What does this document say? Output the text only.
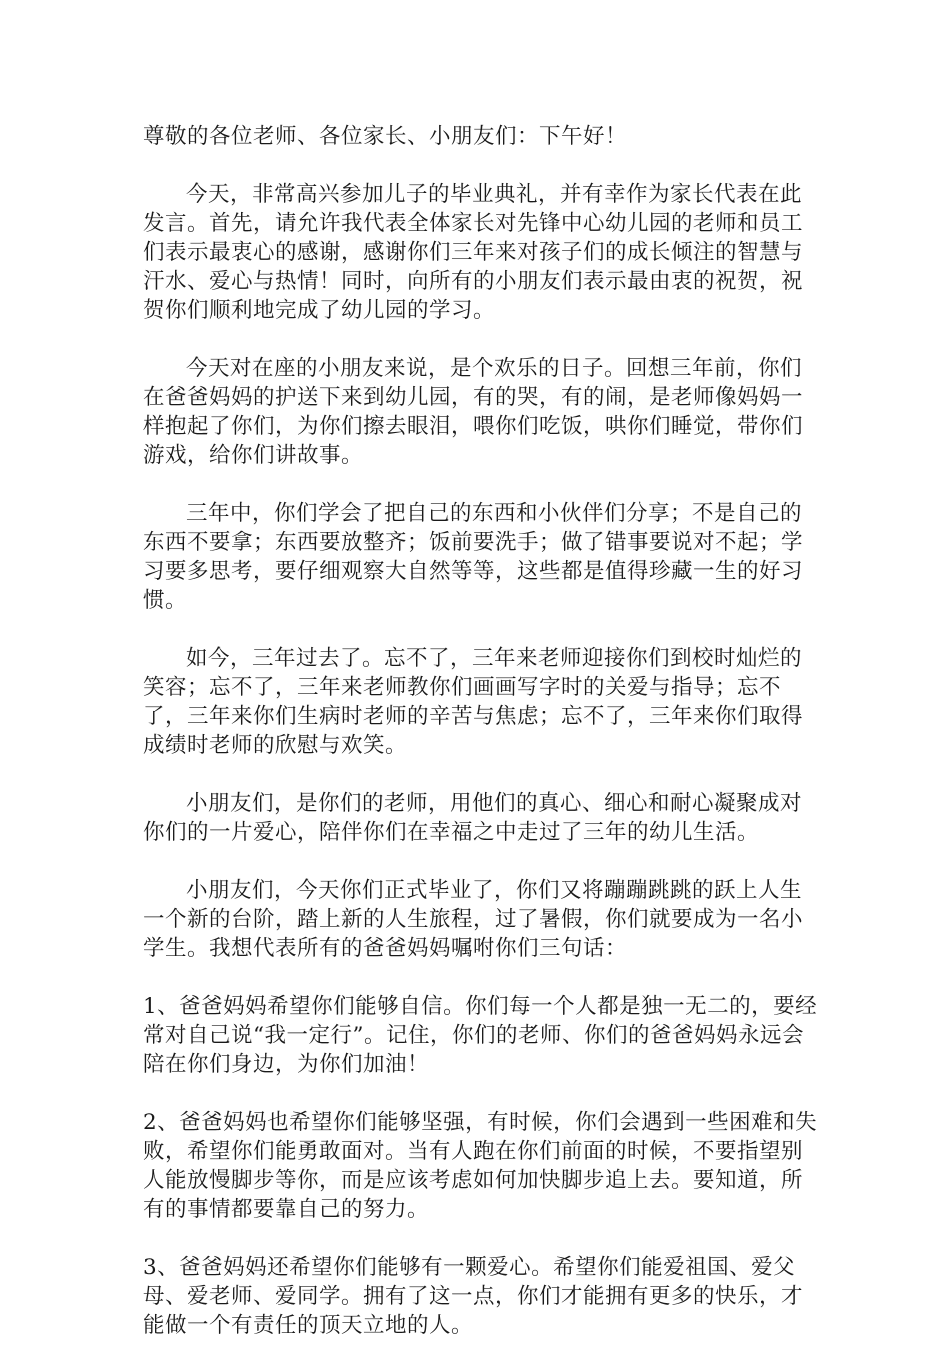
尊敬的各位老师、各位家长、小朋友们：下午好！

今天，非常高兴参加儿子的毕业典礼，并有幸作为家长代表在此发言。首先，请允许我代表全体家长对先锋中心幼儿园的老师和员工们表示最衷心的感谢，感谢你们三年来对孩子们的成长倾注的智慧与汗水、爱心与热情！同时，向所有的小朋友们表示最由衷的祝贺，祝贺你们顺利地完成了幼儿园的学习。

今天对在座的小朋友来说，是个欢乐的日子。回想三年前，你们在爸爸妈妈的护送下来到幼儿园，有的哭，有的闹，是老师像妈妈一样抱起了你们，为你们擦去眼泪，喂你们吃饭，哄你们睡觉，带你们游戏，给你们讲故事。

三年中，你们学会了把自己的东西和小伙伴们分享；不是自己的东西不要拿；东西要放整齐；饭前要洗手；做了错事要说对不起；学习要多思考，要仔细观察大自然等等，这些都是值得珍藏一生的好习惯。

如今，三年过去了。忘不了，三年来老师迎接你们到校时灿烂的笑容；忘不了，三年来老师教你们画画写字时的关爱与指导；忘不了，三年来你们生病时老师的辛苦与焦虑；忘不了，三年来你们取得成绩时老师的欣慰与欢笑。

小朋友们，是你们的老师，用他们的真心、细心和耐心凝聚成对你们的一片爱心，陪伴你们在幸福之中走过了三年的幼儿生活。

小朋友们，今天你们正式毕业了，你们又将蹦蹦跳跳的跃上人生一个新的台阶，踏上新的人生旅程，过了暑假，你们就要成为一名小学生。我想代表所有的爸爸妈妈嘱咐你们三句话：

1、爸爸妈妈希望你们能够自信。你们每一个人都是独一无二的，要经常对自己说“我一定行”。记住，你们的老师、你们的爸爸妈妈永远会陪在你们身边，为你们加油！

2、爸爸妈妈也希望你们能够坚强，有时候，你们会遇到一些困难和失败，希望你们能勇敢面对。当有人跑在你们前面的时候，不要指望别人能放慢脚步等你，而是应该考虑如何加快脚步追上去。要知道，所有的事情都要靠自己的努力。

3、爸爸妈妈还希望你们能够有一颗爱心。希望你们能爱祖国、爱父母、爱老师、爱同学。拥有了这一点，你们才能拥有更多的快乐，才能做一个有责任的顶天立地的人。
